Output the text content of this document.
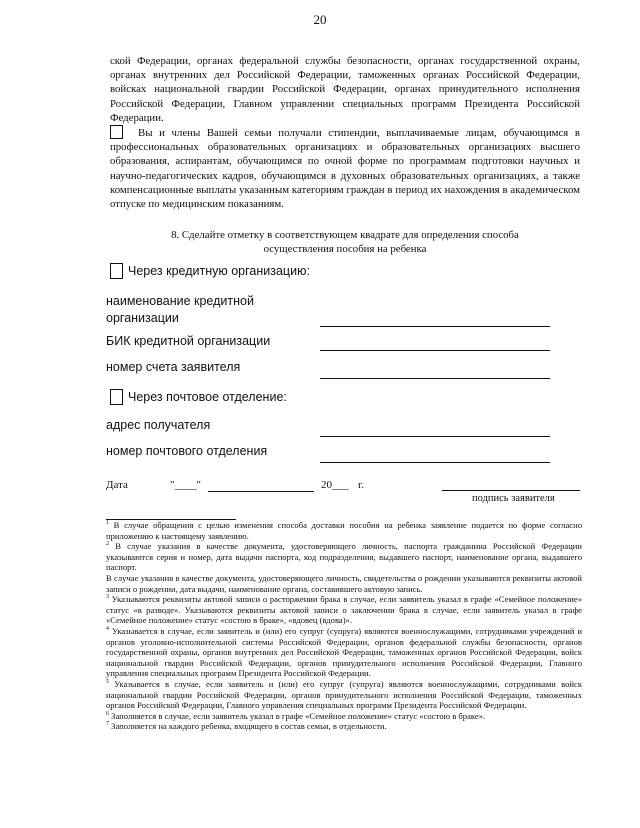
20
ской Федерации, органах федеральной службы безопасности, органах государственной охраны, органах внутренних дел Российской Федерации, таможенных органах Российской Федерации, войсках национальной гвардии Российской Федерации, органах принудительного исполнения Российской Федерации, Главном управлении специальных программ Президента Российской Федерации.
Вы и члены Вашей семьи получали стипендии, выплачиваемые лицам, обучающимся в профессиональных образовательных организациях и образовательных организациях высшего образования, аспирантам, обучающимся по очной форме по программам подготовки научных и научно-педагогических кадров, обучающимся в духовных образовательных организациях, а также компенсационные выплаты указанным категориям граждан в период их нахождения в академическом отпуске по медицинским показаниям.
8. Сделайте отметку в соответствующем квадрате для определения способа
осуществления пособия на ребенка
Через кредитную организацию:
наименование кредитной
организации
БИК кредитной организации
номер счета заявителя
Через почтовое отделение:
адрес получателя
номер почтового отделения
Дата	"____"	20___ г.
подпись заявителя
$^1$ В случае обращения с целью изменения способа доставки пособия на ребенка заявление подается по форме согласно приложению к настоящему заявлению.
$^2$ В случае указания в качестве документа, удостоверяющего личность, паспорта гражданина Российской Федерации указываются серия и номер, дата выдачи паспорта, код подразделения, выдавшего паспорт, наименование органа, выдавшего паспорт.
В случае указания в качестве документа, удостоверяющего личность, свидетельства о рождении указываются реквизиты актовой записи о рождении, дата выдачи, наименование органа, составившего актовую запись.
$^3$ Указываются реквизиты актовой записи о расторжении брака в случае, если заявитель указал в графе «Семейное положение» статус «в разводе». Указываются реквизиты актовой записи о заключении брака в случае, если заявитель указал в графе «Семейное положение» статус «состою в браке», «вдовец (вдова)».
$^4$ Указывается в случае, если заявитель и (или) его супруг (супруга) являются военнослужащими, сотрудниками учреждений и органов уголовно-исполнительной системы Российской Федерации, органов федеральной службы безопасности, органов государственной охраны, органов внутренних дел Российской Федерации, таможенных органов Российской Федерации, войск национальной гвардии Российской Федерации, органов принудительного исполнения Российской Федерации, Главного управления специальных программ Президента Российской Федерации.
$^5$ Указывается в случае, если заявитель и (или) его супруг (супруга) являются военнослужащими, сотрудниками войск национальной гвардии Российской Федерации, органов принудительного исполнения Российской Федерации, таможенных органов Российской Федерации, Главного управления специальных программ Президента Российской Федерации.
$^6$ Заполняется в случае, если заявитель указал в графе «Семейное положение» статус «состою в браке».
$^7$ Заполняется на каждого ребенка, входящего в состав семьи, в отдельности.
